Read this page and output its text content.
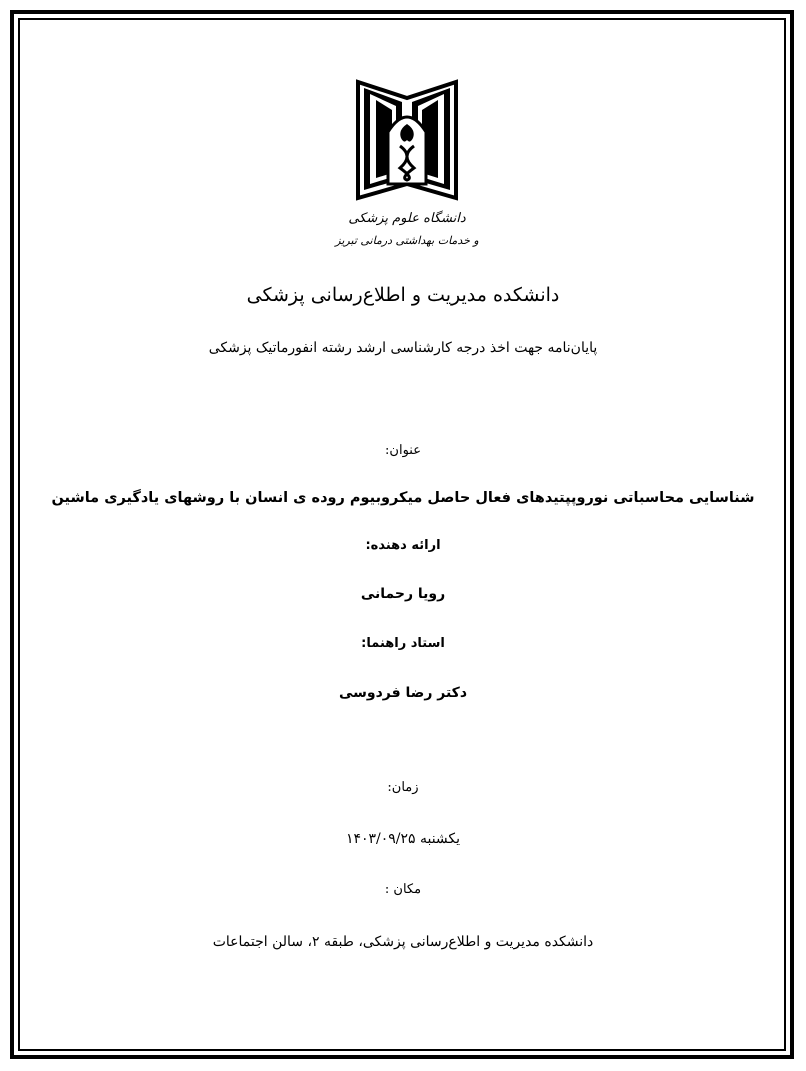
دانشگاه علوم پزشکی
و خدمات بهداشتی درمانی تبریز
دانشکده مدیریت و اطلاع‌رسانی پزشکی
پایان‌نامه جهت اخذ درجه کارشناسی ارشد رشته انفورماتیک پزشکی
عنوان:
شناسایی محاسباتی نوروپپتیدهای فعال حاصل میکروبیوم روده ی انسان با روشهای یادگیری ماشین
ارائه دهنده:
رویا رحمانی
استاد راهنما:
دکتر رضا فردوسی
زمان:
یکشنبه ۱۴۰۳/۰۹/۲۵
مکان :
دانشکده مدیریت و اطلاع‌رسانی پزشکی، طبقه ۲، سالن اجتماعات
